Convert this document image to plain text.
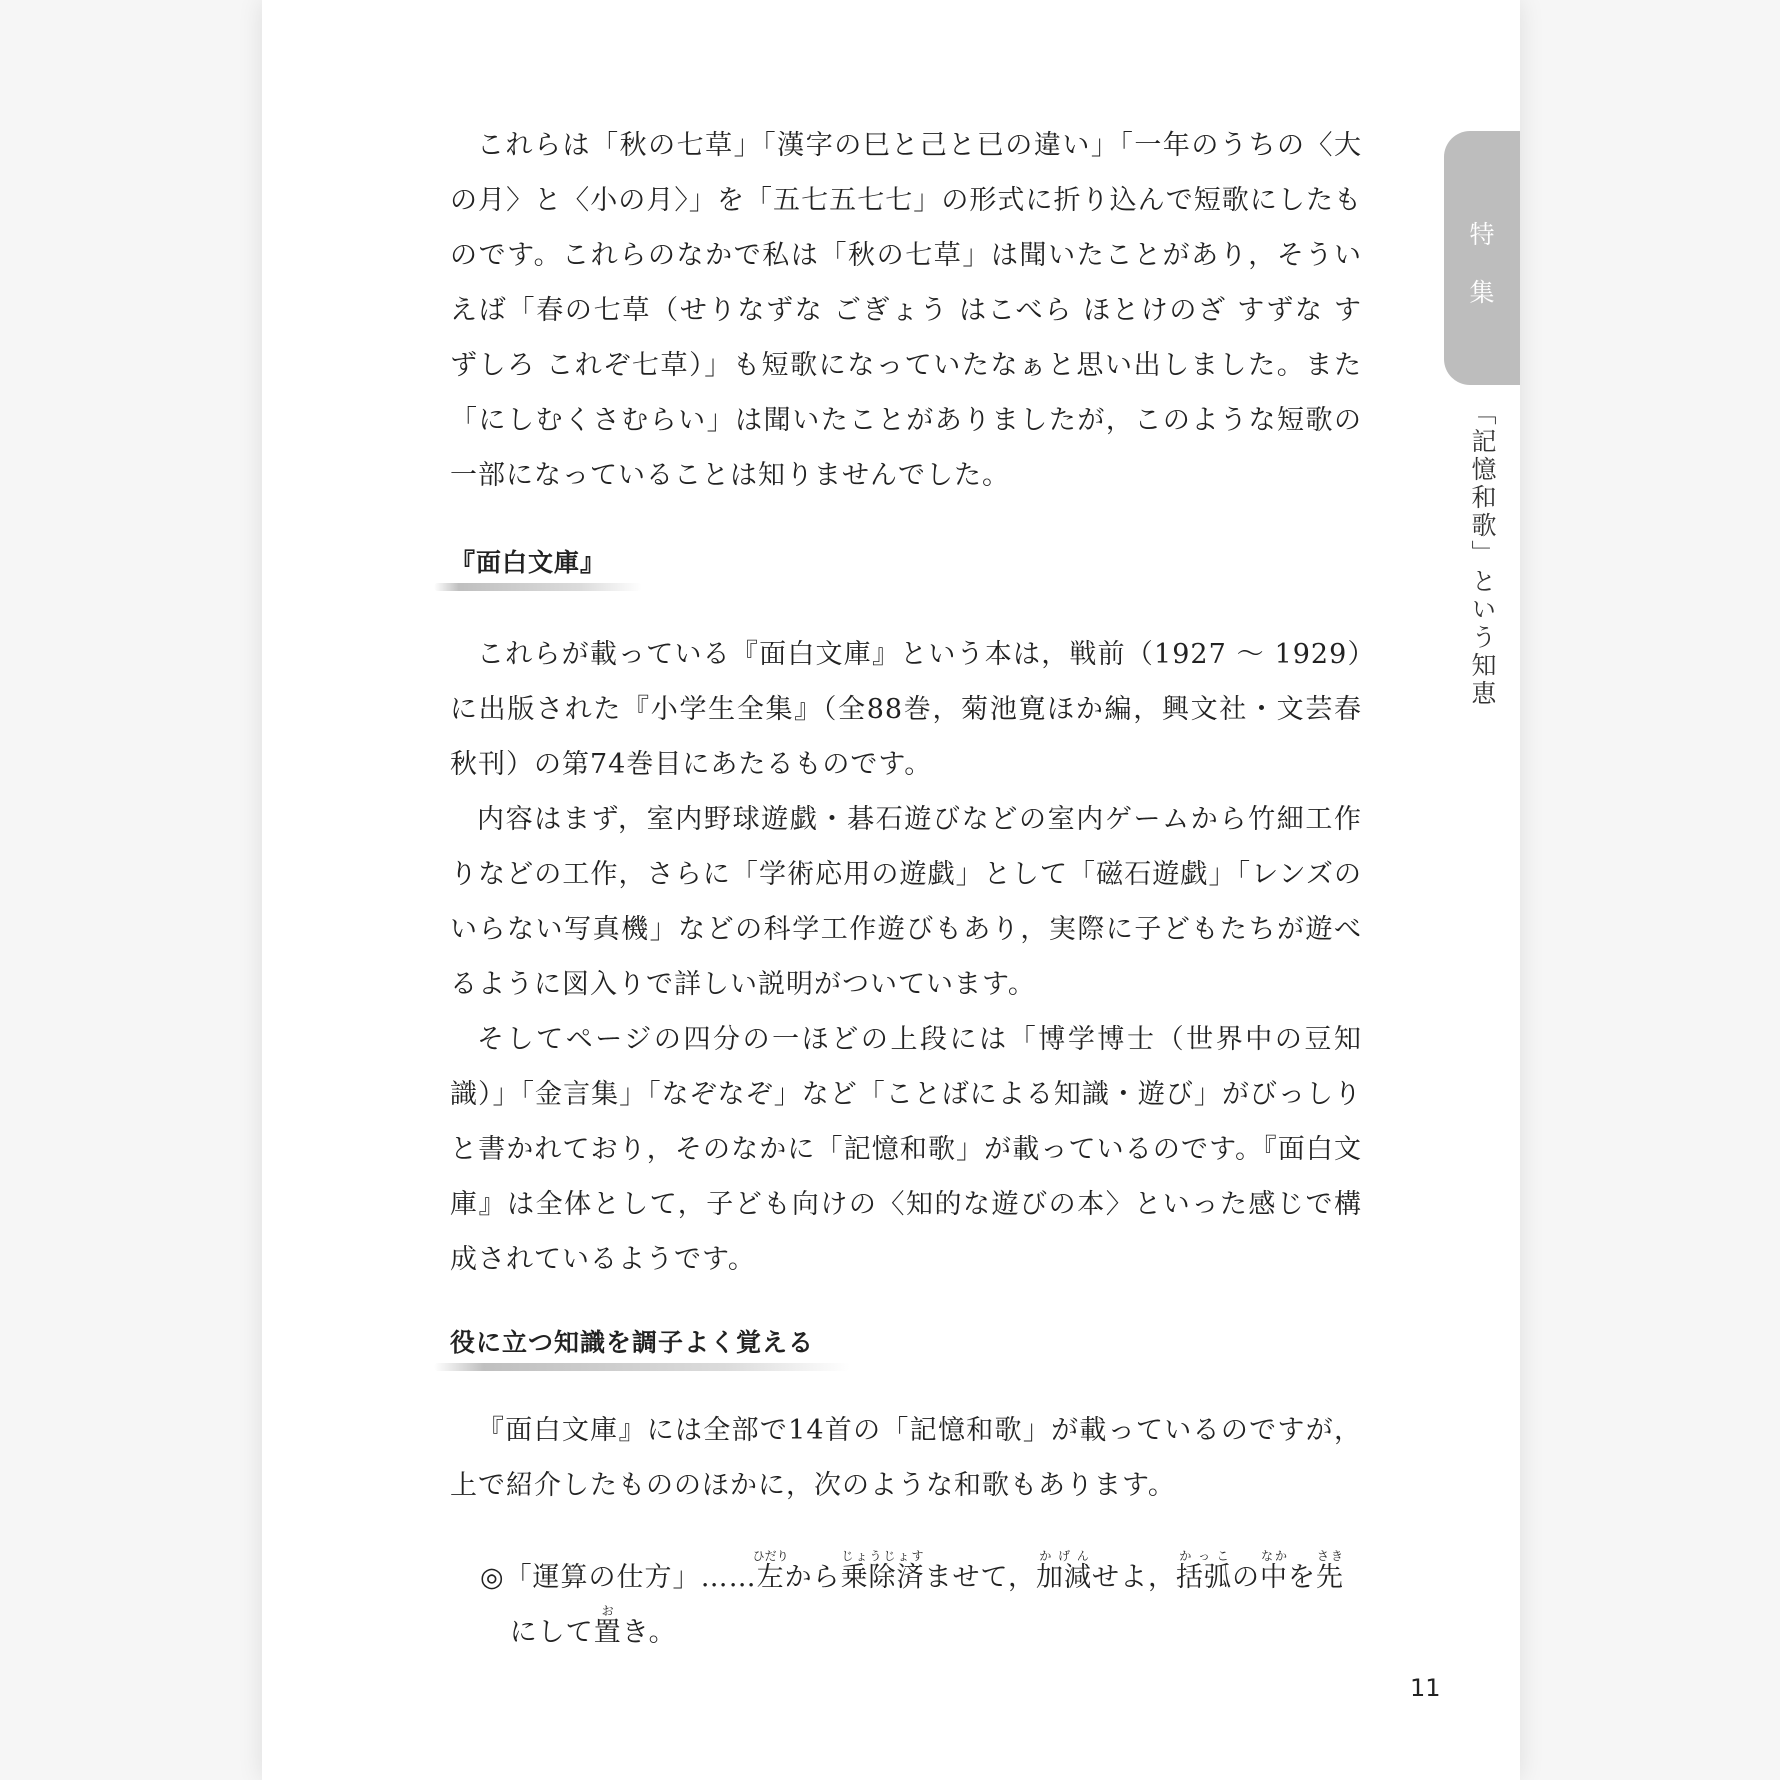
これらは「秋の七草」「漢字の巳と己と已の違い」「一年のうちの〈大の月〉と〈小の月〉」を「五七五七七」の形式に折り込んで短歌にしたものです。これらのなかで私は「秋の七草」は聞いたことがあり，そういえば「春の七草（せりなずな ごぎょう はこべら ほとけのざ すずな すずしろ これぞ七草）」も短歌になっていたなぁと思い出しました。また「にしむくさむらい」は聞いたことがありましたが，このような短歌の一部になっていることは知りませんでした。

『面白文庫』

これらが載っている『面白文庫』という本は，戦前（1927 ～ 1929）に出版された『小学生全集』（全88巻，菊池寛ほか編，興文社・文芸春秋刊）の第74巻目にあたるものです。

内容はまず，室内野球遊戯・碁石遊びなどの室内ゲームから竹細工作りなどの工作，さらに「学術応用の遊戯」として「磁石遊戯」「レンズのいらない写真機」などの科学工作遊びもあり，実際に子どもたちが遊べるように図入りで詳しい説明がついています。

そしてページの四分の一ほどの上段には「博学博士（世界中の豆知識）」「金言集」「なぞなぞ」など「ことばによる知識・遊び」がびっしりと書かれており，そのなかに「記憶和歌」が載っているのです。『面白文庫』は全体として，子ども向けの〈知的な遊びの本〉といった感じで構成されているようです。

役に立つ知識を調子よく覚える

『面白文庫』には全部で14首の「記憶和歌」が載っているのですが，上で紹介したもののほかに，次のような和歌もあります。

◎「運算の仕方」……左ひだりから乗除済じょうじょすませて，加減かげんせよ，括弧かっこの中なかを先さきにして置おき。
特
集
「記憶和歌」という知恵
11
